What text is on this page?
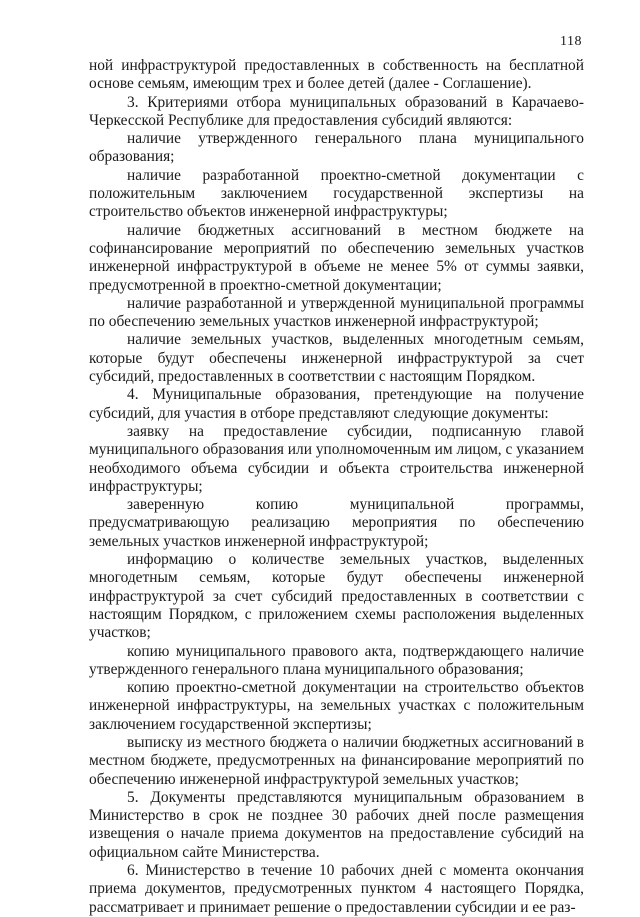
118

ной инфраструктурой предоставленных в собственность на бесплатной основе семьям, имеющим трех и более детей (далее - Соглашение).

3. Критериями отбора муниципальных образований в Карачаево-Черкесской Республике для предоставления субсидий являются:

наличие утвержденного генерального плана муниципального образования;

наличие разработанной проектно-сметной документации с положительным заключением государственной экспертизы на строительство объектов инженерной инфраструктуры;

наличие бюджетных ассигнований в местном бюджете на софинансирование мероприятий по обеспечению земельных участков инженерной инфраструктурой в объеме не менее 5% от суммы заявки, предусмотренной в проектно-сметной документации;

наличие разработанной и утвержденной муниципальной программы по обеспечению земельных участков инженерной инфраструктурой;

наличие земельных участков, выделенных многодетным семьям, которые будут обеспечены инженерной инфраструктурой за счет субсидий, предоставленных в соответствии с настоящим Порядком.

4. Муниципальные образования, претендующие на получение субсидий, для участия в отборе представляют следующие документы:

заявку на предоставление субсидии, подписанную главой муниципального образования или уполномоченным им лицом, с указанием необходимого объема субсидии и объекта строительства инженерной инфраструктуры;

заверенную копию муниципальной программы, предусматривающую реализацию мероприятия по обеспечению земельных участков инженерной инфраструктурой;

информацию о количестве земельных участков, выделенных многодетным семьям, которые будут обеспечены инженерной инфраструктурой за счет субсидий предоставленных в соответствии с настоящим Порядком, с приложением схемы расположения выделенных участков;

копию муниципального правового акта, подтверждающего наличие утвержденного генерального плана муниципального образования;

копию проектно-сметной документации на строительство объектов инженерной инфраструктуры, на земельных участках с положительным заключением государственной экспертизы;

выписку из местного бюджета о наличии бюджетных ассигнований в местном бюджете, предусмотренных на финансирование мероприятий по обеспечению инженерной инфраструктурой земельных участков;

5. Документы представляются муниципальным образованием в Министерство в срок не позднее 30 рабочих дней после размещения извещения о начале приема документов на предоставление субсидий на официальном сайте Министерства.

6. Министерство в течение 10 рабочих дней с момента окончания приема документов, предусмотренных пунктом 4 настоящего Порядка, рассматривает и принимает решение о предоставлении субсидии и ее раз-
